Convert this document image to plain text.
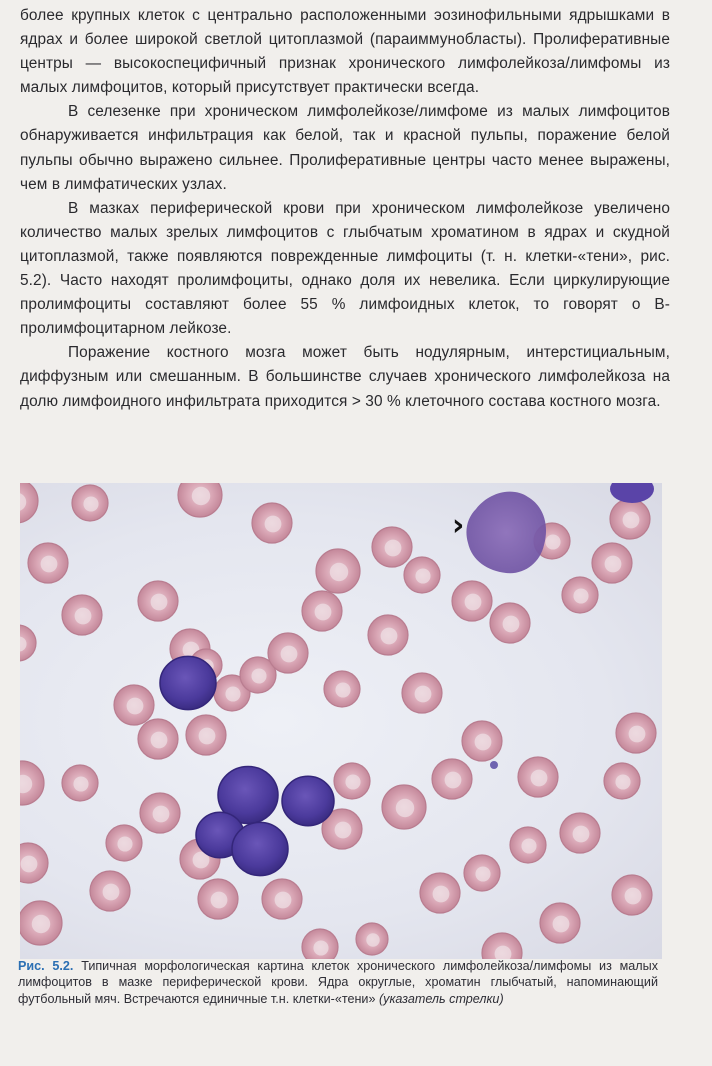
более крупных клеток с центрально расположенными эозинофильными ядрышками в ядрах и более широкой светлой цитоплазмой (параиммунобласты). Пролиферативные центры — высокоспецифичный признак хронического лимфолейкоза/лимфомы из малых лимфоцитов, который присутствует практически всегда.

В селезенке при хроническом лимфолейкозе/лимфоме из малых лимфоцитов обнаруживается инфильтрация как белой, так и красной пульпы, поражение белой пульпы обычно выражено сильнее. Пролиферативные центры часто менее выражены, чем в лимфатических узлах.

В мазках периферической крови при хроническом лимфолейкозе увеличено количество малых зрелых лимфоцитов с глыбчатым хроматином в ядрах и скудной цитоплазмой, также появляются поврежденные лимфоциты (т. н. клетки-«тени», рис. 5.2). Часто находят пролимфоциты, однако доля их невелика. Если циркулирующие пролимфоциты составляют более 55 % лимфоидных клеток, то говорят о В-пролимфоцитарном лейкозе.

Поражение костного мозга может быть нодулярным, интерстициальным, диффузным или смешанным. В большинстве случаев хронического лимфолейкоза на долю лимфоидного инфильтрата приходится > 30 % клеточного состава костного мозга.

›
Рис. 5.2. Типичная морфологическая картина клеток хронического лимфолейкоза/лимфомы из малых лимфоцитов в мазке периферической крови. Ядра округлые, хроматин глыбчатый, напоминающий футбольный мяч. Встречаются единичные т.н. клетки-«тени» (указатель стрелки)
